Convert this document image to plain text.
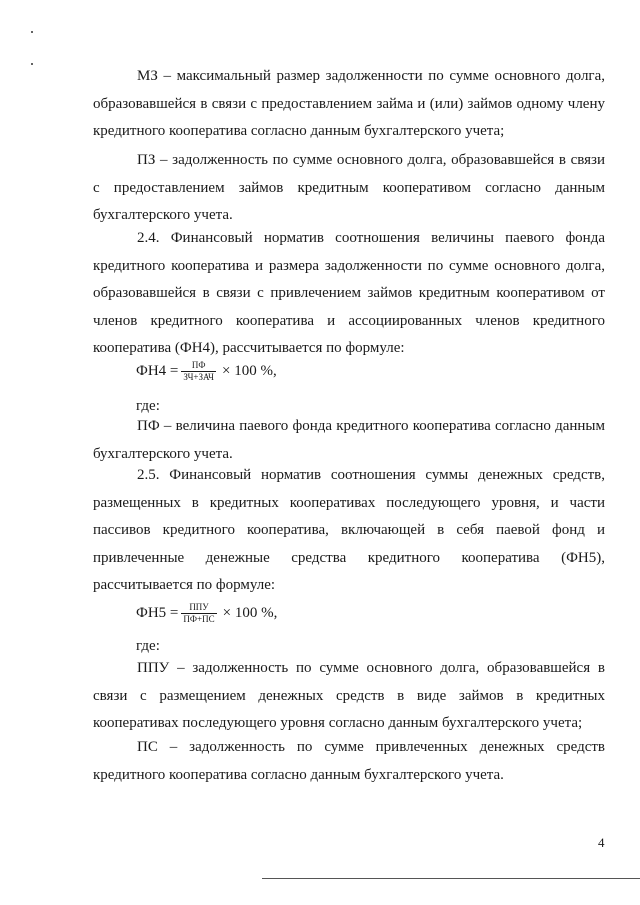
МЗ – максимальный размер задолженности по сумме основного долга, образовавшейся в связи с предоставлением займа и (или) займов одному члену кредитного кооператива согласно данным бухгалтерского учета;

ПЗ – задолженность по сумме основного долга, образовавшейся в связи с предоставлением займов кредитным кооперативом согласно данным бухгалтерского учета.

2.4. Финансовый норматив соотношения величины паевого фонда кредитного кооператива и размера задолженности по сумме основного долга, образовавшейся в связи с привлечением займов кредитным кооперативом от членов кредитного кооператива и ассоциированных членов кредитного кооператива (ФН4), рассчитывается по формуле:

$ФН4 = \frac{ПФ}{\text{ЗЧ+ЗАЧ}} \times 100$ %,
где:

ПФ – величина паевого фонда кредитного кооператива согласно данным бухгалтерского учета.

2.5. Финансовый норматив соотношения суммы денежных средств, размещенных в кредитных кооперативах последующего уровня, и части пассивов кредитного кооператива, включающей в себя паевой фонд и привлеченные денежные средства кредитного кооператива (ФН5), рассчитывается по формуле:

$ФН5 = \frac{\text{ППУ}}{ПФ+ПС} \times 100$ %,
где:

ППУ – задолженность по сумме основного долга, образовавшейся в связи с размещением денежных средств в виде займов в кредитных кооперативах последующего уровня согласно данным бухгалтерского учета;

ПС – задолженность по сумме привлеченных денежных средств кредитного кооператива согласно данным бухгалтерского учета.

4
